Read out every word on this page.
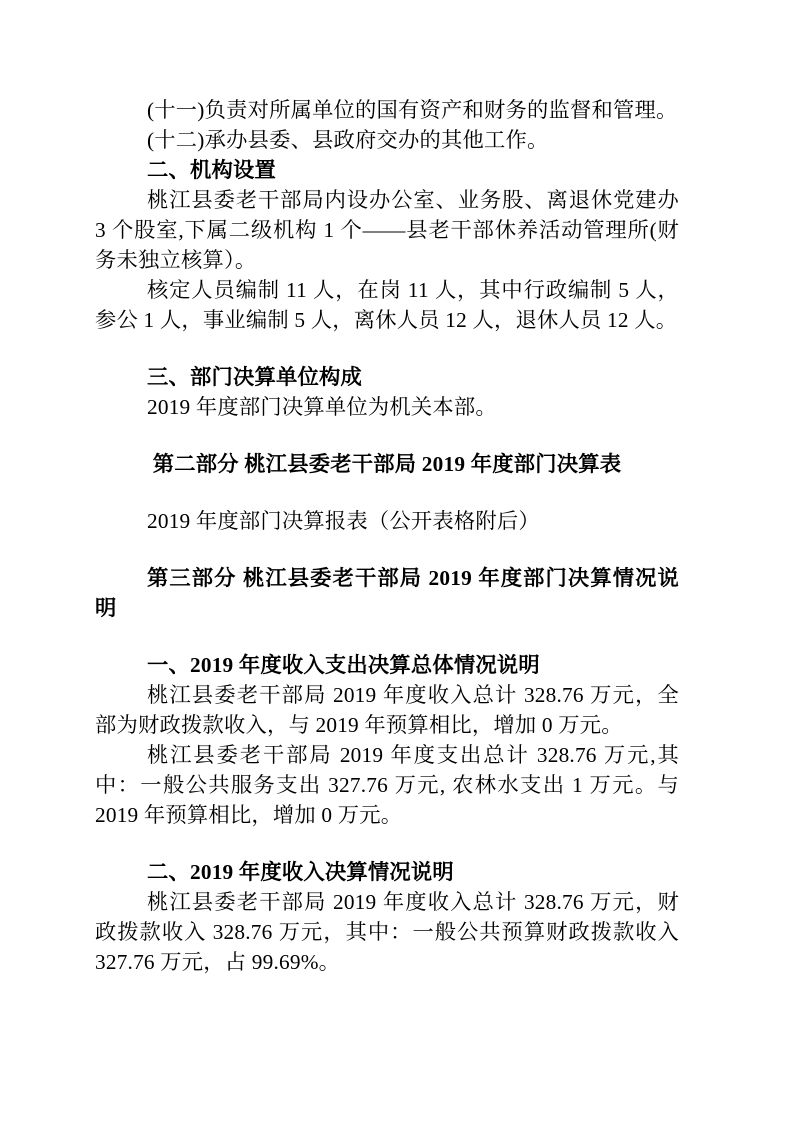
(十一)负责对所属单位的国有资产和财务的监督和管理。

(十二)承办县委、县政府交办的其他工作。

二、机构设置

桃江县委老干部局内设办公室、业务股、离退休党建办 3 个股室,下属二级机构 1 个——县老干部休养活动管理所(财务未独立核算）。

核定人员编制 11 人，在岗 11 人，其中行政编制 5 人，参公 1 人，事业编制 5 人，离休人员 12 人，退休人员 12 人。

三、部门决算单位构成

2019 年度部门决算单位为机关本部。

第二部分 桃江县委老干部局 2019 年度部门决算表

2019 年度部门决算报表（公开表格附后）

第三部分 桃江县委老干部局 2019 年度部门决算情况说明

一、2019 年度收入支出决算总体情况说明

桃江县委老干部局 2019 年度收入总计 328.76 万元，全部为财政拨款收入，与 2019 年预算相比，增加 0 万元。

桃江县委老干部局 2019 年度支出总计 328.76 万元,其中：一般公共服务支出 327.76 万元, 农林水支出 1 万元。与 2019 年预算相比，增加 0 万元。

二、2019 年度收入决算情况说明

桃江县委老干部局 2019 年度收入总计 328.76 万元，财政拨款收入 328.76 万元，其中：一般公共预算财政拨款收入 327.76 万元，占 99.69%。
